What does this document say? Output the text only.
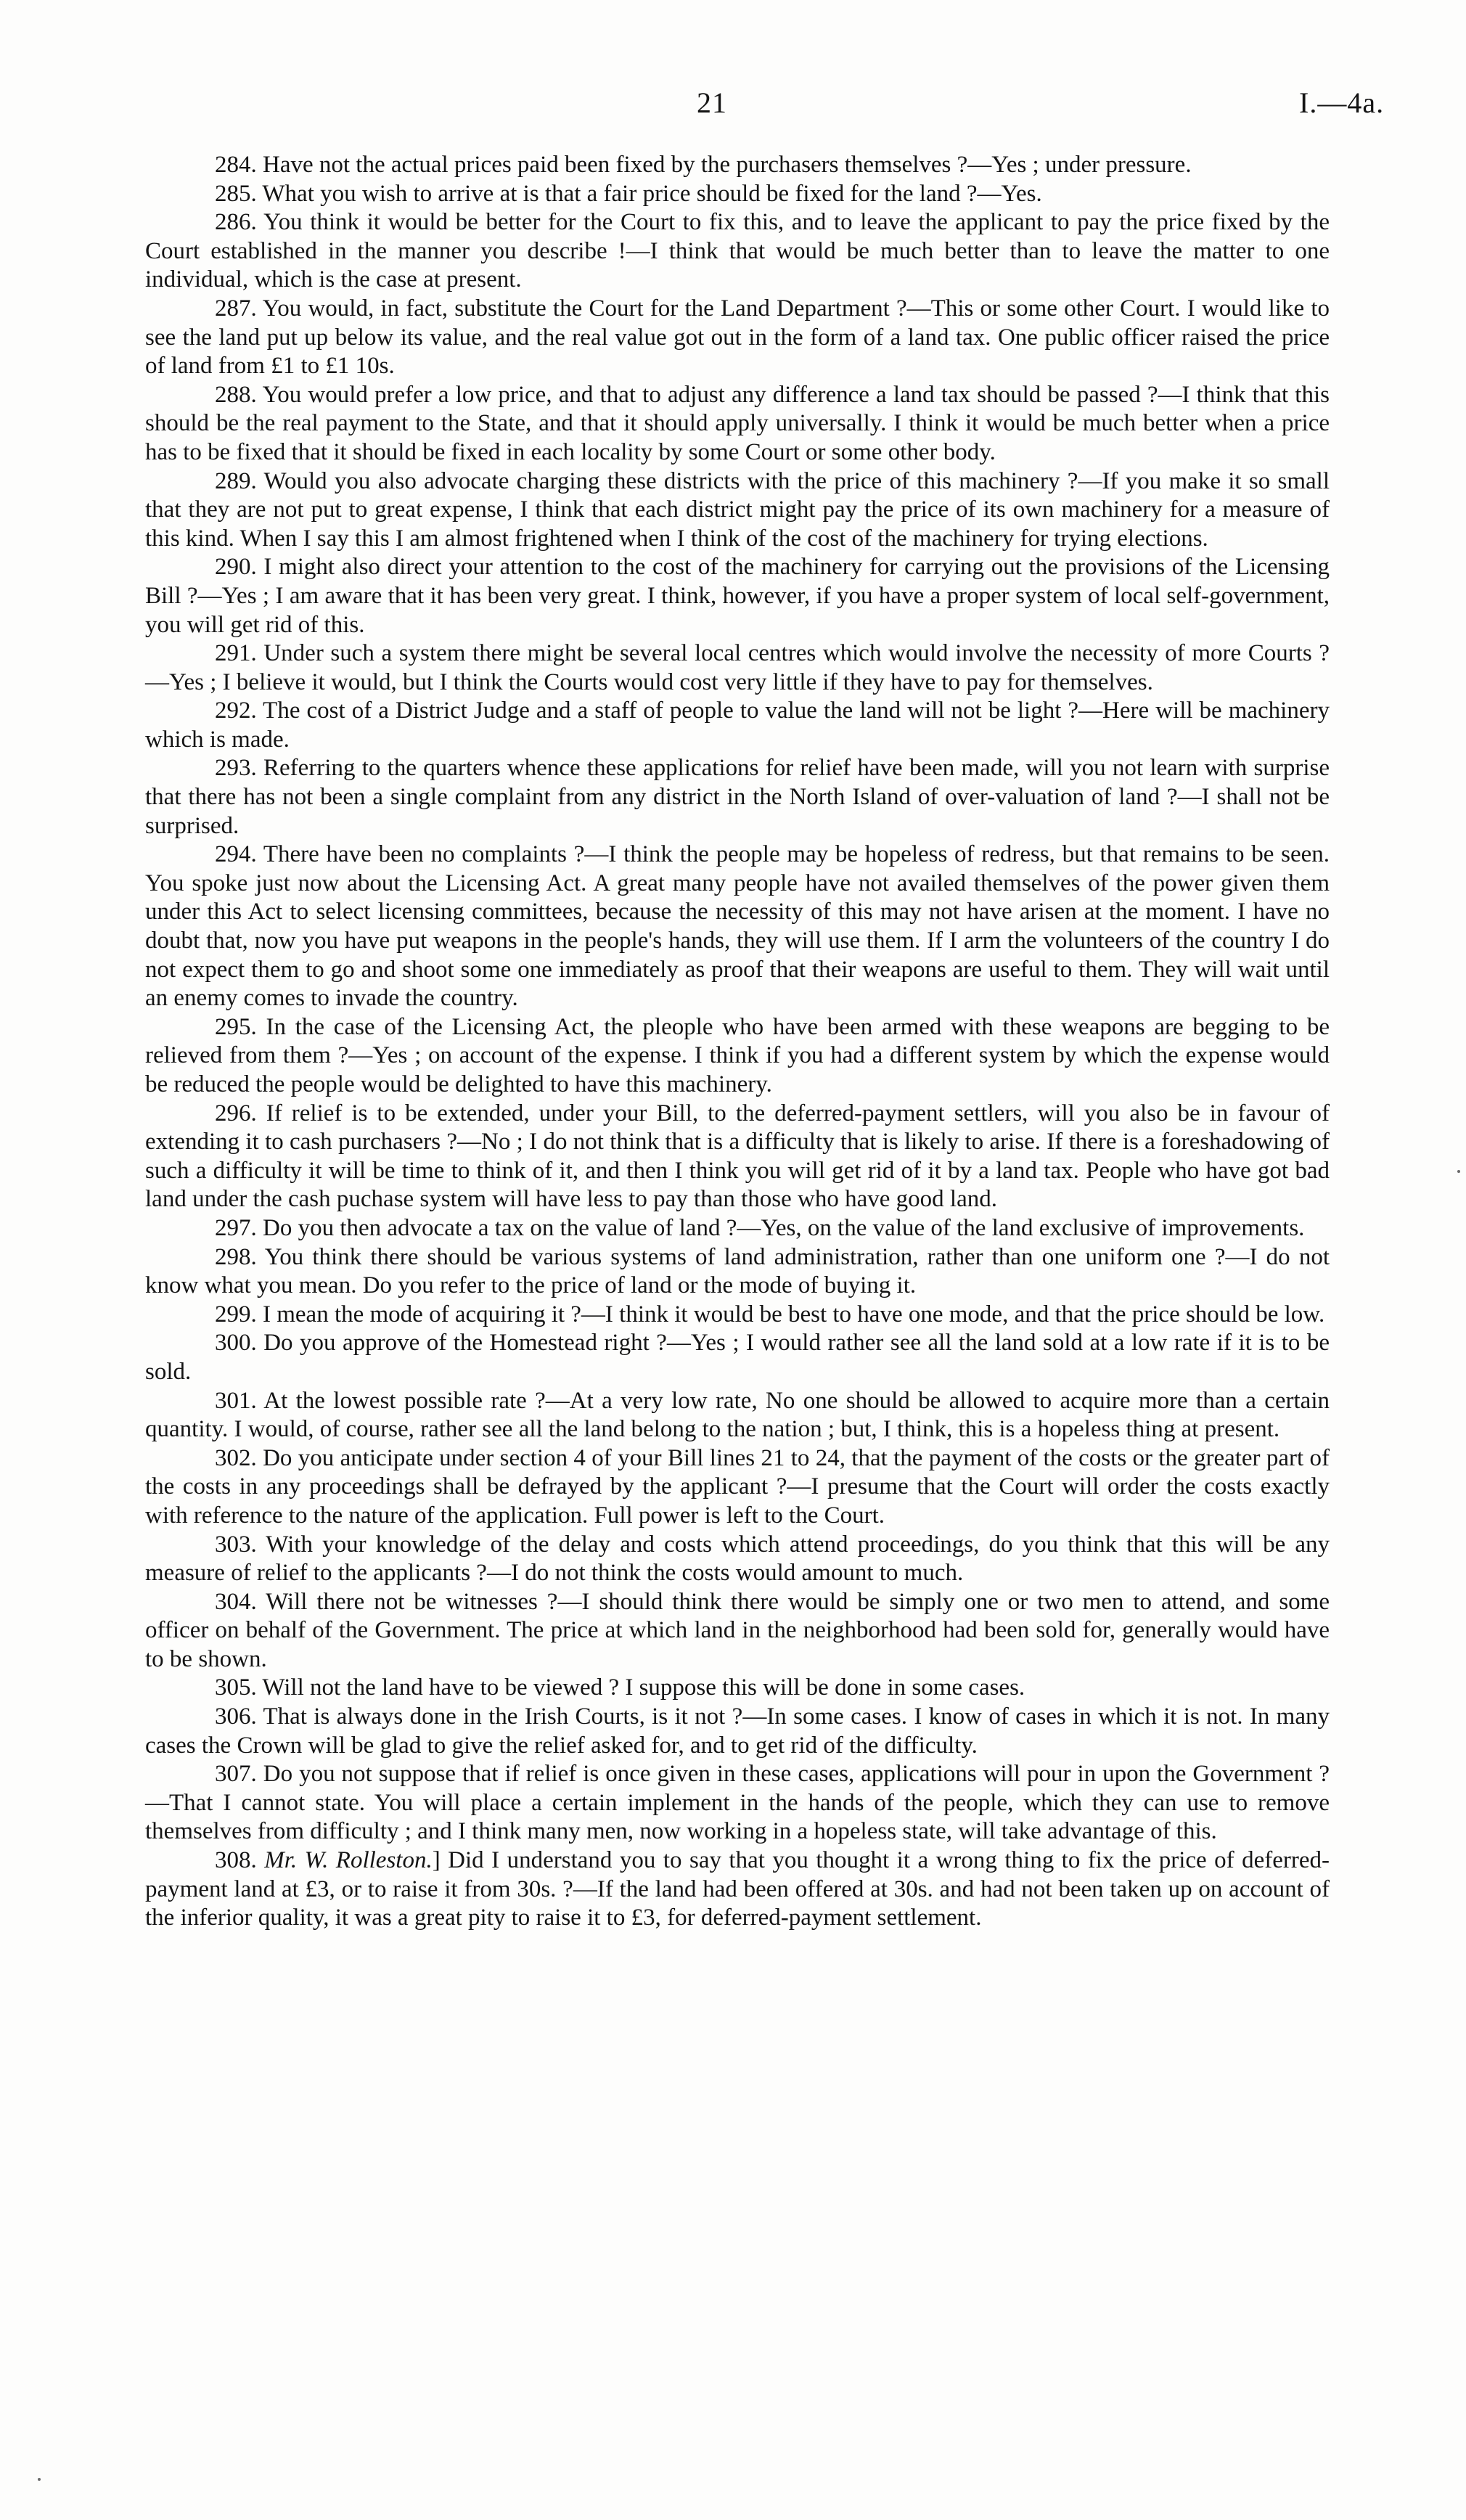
21	I.—4a.

284. Have not the actual prices paid been fixed by the purchasers themselves ?—Yes ; under pressure.

285. What you wish to arrive at is that a fair price should be fixed for the land ?—Yes.

286. You think it would be better for the Court to fix this, and to leave the applicant to pay the price fixed by the Court established in the manner you describe !—I think that would be much better than to leave the matter to one individual, which is the case at present.

287. You would, in fact, substitute the Court for the Land Department ?—This or some other Court. I would like to see the land put up below its value, and the real value got out in the form of a land tax. One public officer raised the price of land from £1 to £1 10s.

288. You would prefer a low price, and that to adjust any difference a land tax should be passed ?—I think that this should be the real payment to the State, and that it should apply universally. I think it would be much better when a price has to be fixed that it should be fixed in each locality by some Court or some other body.

289. Would you also advocate charging these districts with the price of this machinery ?—If you make it so small that they are not put to great expense, I think that each district might pay the price of its own machinery for a measure of this kind. When I say this I am almost frightened when I think of the cost of the machinery for trying elections.

290. I might also direct your attention to the cost of the machinery for carrying out the provisions of the Licensing Bill ?—Yes ; I am aware that it has been very great. I think, however, if you have a proper system of local self-government, you will get rid of this.

291. Under such a system there might be several local centres which would involve the necessity of more Courts ?—Yes ; I believe it would, but I think the Courts would cost very little if they have to pay for themselves.

292. The cost of a District Judge and a staff of people to value the land will not be light ?—Here will be machinery which is made.

293. Referring to the quarters whence these applications for relief have been made, will you not learn with surprise that there has not been a single complaint from any district in the North Island of over-valuation of land ?—I shall not be surprised.

294. There have been no complaints ?—I think the people may be hopeless of redress, but that remains to be seen. You spoke just now about the Licensing Act. A great many people have not availed themselves of the power given them under this Act to select licensing committees, because the necessity of this may not have arisen at the moment. I have no doubt that, now you have put weapons in the people's hands, they will use them. If I arm the volunteers of the country I do not expect them to go and shoot some one immediately as proof that their weapons are useful to them. They will wait until an enemy comes to invade the country.

295. In the case of the Licensing Act, the pleople who have been armed with these weapons are begging to be relieved from them ?—Yes ; on account of the expense. I think if you had a different system by which the expense would be reduced the people would be delighted to have this machinery.

296. If relief is to be extended, under your Bill, to the deferred-payment settlers, will you also be in favour of extending it to cash purchasers ?—No ; I do not think that is a difficulty that is likely to arise. If there is a foreshadowing of such a difficulty it will be time to think of it, and then I think you will get rid of it by a land tax. People who have got bad land under the cash puchase system will have less to pay than those who have good land.

297. Do you then advocate a tax on the value of land ?—Yes, on the value of the land exclusive of improvements.

298. You think there should be various systems of land administration, rather than one uniform one ?—I do not know what you mean. Do you refer to the price of land or the mode of buying it.

299. I mean the mode of acquiring it ?—I think it would be best to have one mode, and that the price should be low.

300. Do you approve of the Homestead right ?—Yes ; I would rather see all the land sold at a low rate if it is to be sold.

301. At the lowest possible rate ?—At a very low rate, No one should be allowed to acquire more than a certain quantity. I would, of course, rather see all the land belong to the nation ; but, I think, this is a hopeless thing at present.

302. Do you anticipate under section 4 of your Bill lines 21 to 24, that the payment of the costs or the greater part of the costs in any proceedings shall be defrayed by the applicant ?—I presume that the Court will order the costs exactly with reference to the nature of the application. Full power is left to the Court.

303. With your knowledge of the delay and costs which attend proceedings, do you think that this will be any measure of relief to the applicants ?—I do not think the costs would amount to much.

304. Will there not be witnesses ?—I should think there would be simply one or two men to attend, and some officer on behalf of the Government. The price at which land in the neighborhood had been sold for, generally would have to be shown.

305. Will not the land have to be viewed ? I suppose this will be done in some cases.

306. That is always done in the Irish Courts, is it not ?—In some cases. I know of cases in which it is not. In many cases the Crown will be glad to give the relief asked for, and to get rid of the difficulty.

307. Do you not suppose that if relief is once given in these cases, applications will pour in upon the Government ?—That I cannot state. You will place a certain implement in the hands of the people, which they can use to remove themselves from difficulty ; and I think many men, now working in a hopeless state, will take advantage of this.

308. Mr. W. Rolleston.] Did I understand you to say that you thought it a wrong thing to fix the price of deferred-payment land at £3, or to raise it from 30s. ?—If the land had been offered at 30s. and had not been taken up on account of the inferior quality, it was a great pity to raise it to £3, for deferred-payment settlement.
